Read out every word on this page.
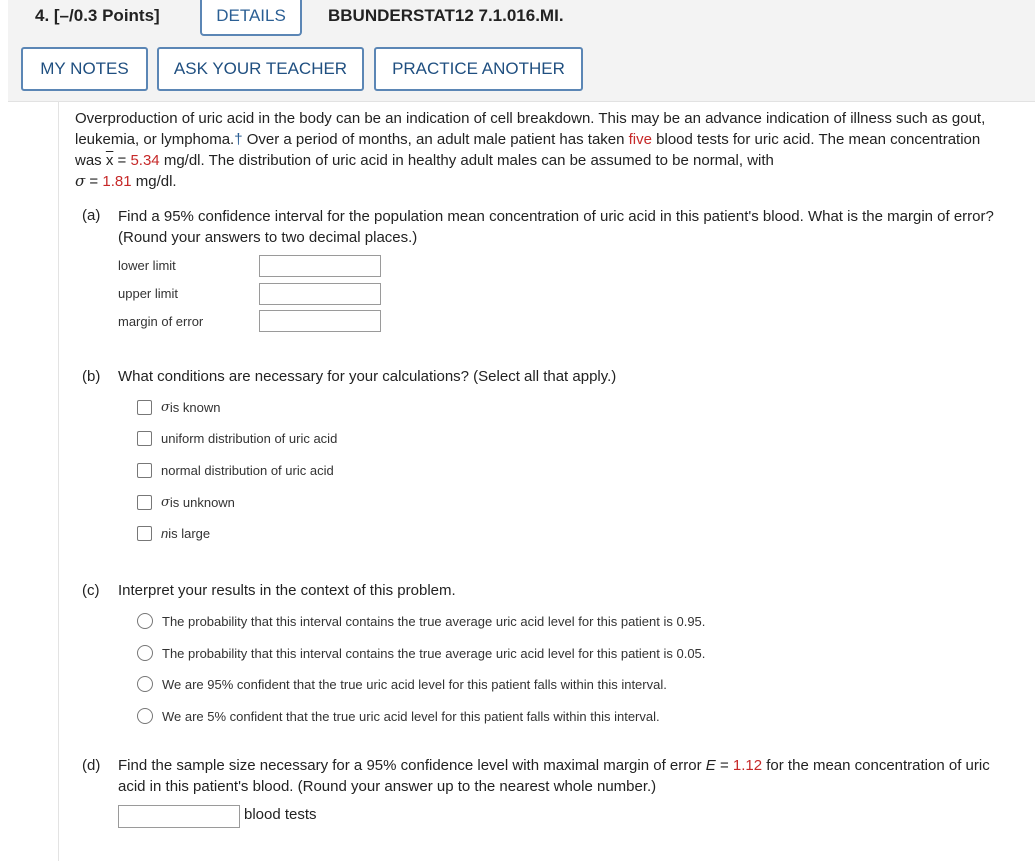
4. [–/0.3 Points]	DETAILS	BBUNDERSTAT12 7.1.016.MI.
MY NOTES	ASK YOUR TEACHER	PRACTICE ANOTHER
Overproduction of uric acid in the body can be an indication of cell breakdown. This may be an advance indication of illness such as gout, leukemia, or lymphoma.† Over a period of months, an adult male patient has taken five blood tests for uric acid. The mean concentration was $\overline{x} = 5.34$ mg/dl. The distribution of uric acid in healthy adult males can be assumed to be normal, with
σ = 1.81 mg/dl.
(a) Find a 95% confidence interval for the population mean concentration of uric acid in this patient's blood. What is the margin of error? (Round your answers to two decimal places.)
lower limit
upper limit
margin of error
(b) What conditions are necessary for your calculations? (Select all that apply.)
σ is known
uniform distribution of uric acid
normal distribution of uric acid
σ is unknown
n is large
(c) Interpret your results in the context of this problem.
The probability that this interval contains the true average uric acid level for this patient is 0.95.
The probability that this interval contains the true average uric acid level for this patient is 0.05.
We are 95% confident that the true uric acid level for this patient falls within this interval.
We are 5% confident that the true uric acid level for this patient falls within this interval.
(d) Find the sample size necessary for a 95% confidence level with maximal margin of error E = 1.12 for the mean concentration of uric acid in this patient's blood. (Round your answer up to the nearest whole number.)
blood tests
